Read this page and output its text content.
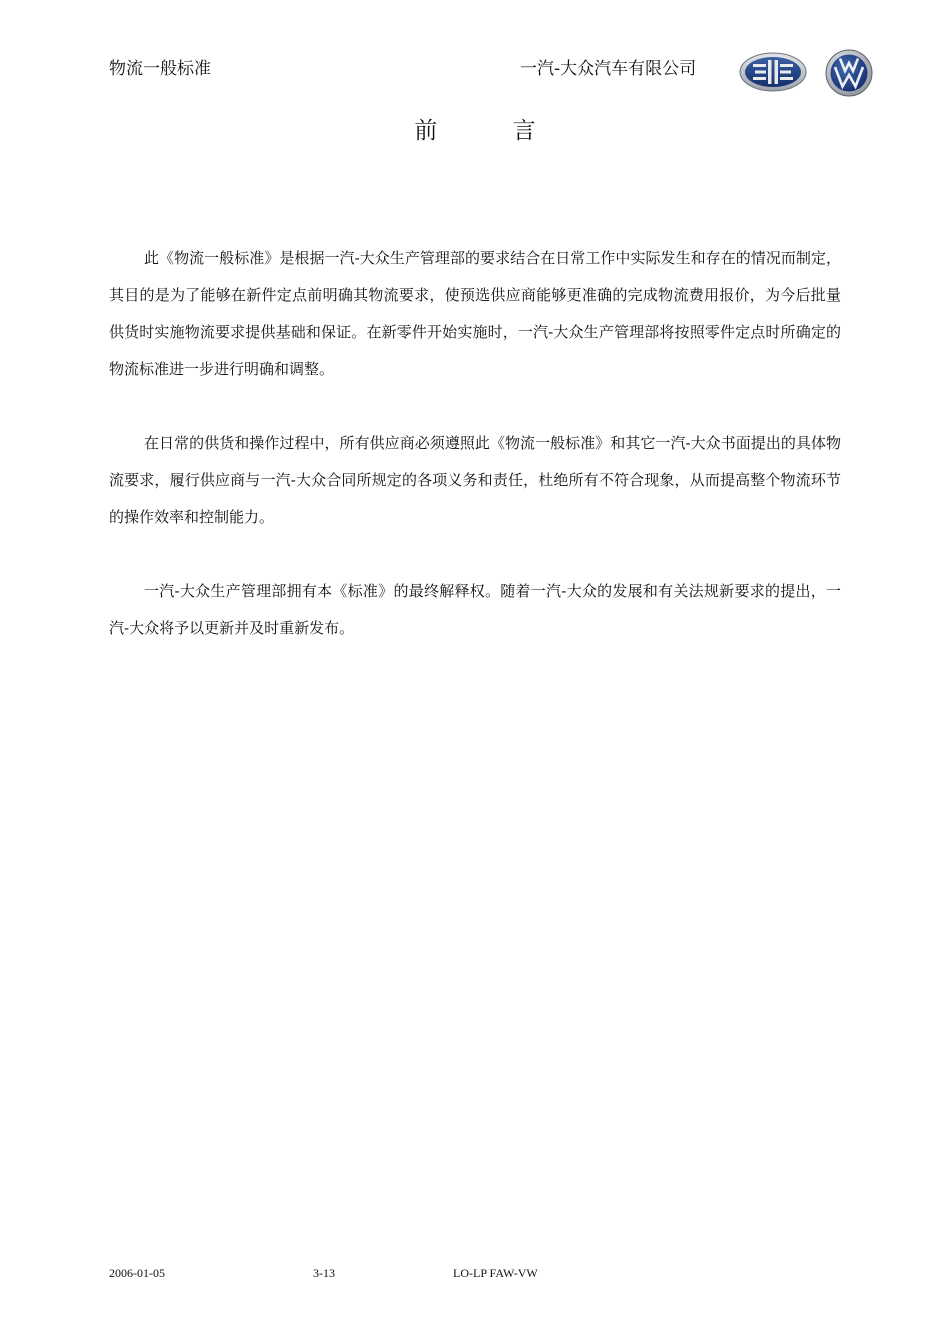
物流一般标准	一汽-大众汽车有限公司
前 言

此《物流一般标准》是根据一汽-大众生产管理部的要求结合在日常工作中实际发生和存在的情况而制定，其目的是为了能够在新件定点前明确其物流要求，使预选供应商能够更准确的完成物流费用报价，为今后批量供货时实施物流要求提供基础和保证。在新零件开始实施时，一汽-大众生产管理部将按照零件定点时所确定的物流标准进一步进行明确和调整。

在日常的供货和操作过程中，所有供应商必须遵照此《物流一般标准》和其它一汽-大众书面提出的具体物流要求，履行供应商与一汽-大众合同所规定的各项义务和责任，杜绝所有不符合现象，从而提高整个物流环节的操作效率和控制能力。

一汽-大众生产管理部拥有本《标准》的最终解释权。随着一汽-大众的发展和有关法规新要求的提出，一汽-大众将予以更新并及时重新发布。

2006-01-05	3-13	LO-LP FAW-VW
